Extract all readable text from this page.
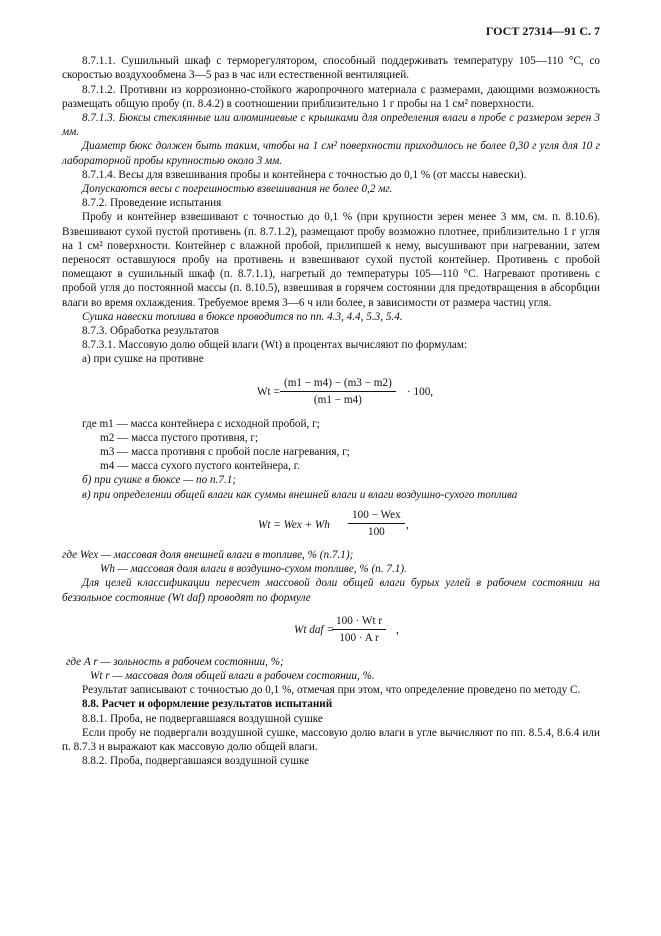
ГОСТ 27314—91 С. 7

8.7.1.1. Сушильный шкаф с терморегулятором, способный поддерживать температуру 105—110 °С, со скоростью воздухообмена 3—5 раз в час или естественной вентиляцией.

8.7.1.2. Противни из коррозионно-стойкого жаропрочного материала с размерами, дающими возможность размещать общую пробу (п. 8.4.2) в соотношении приблизительно 1 г пробы на 1 см² поверхности.

8.7.1.3. Бюксы стеклянные или алюминиевые с крышками для определения влаги в пробе с размером зерен 3 мм.

Диаметр бюкс должен быть таким, чтобы на 1 см² поверхности приходилось не более 0,30 г угля для 10 г лабораторной пробы крупностью около 3 мм.

8.7.1.4. Весы для взвешивания пробы и контейнера с точностью до 0,1 % (от массы навески).

Допускаются весы с погрешностью взвешивания не более 0,2 мг.

8.7.2. Проведение испытания

Пробу и контейнер взвешивают с точностью до 0,1 % (при крупности зерен менее 3 мм, см. п. 8.10.6). Взвешивают сухой пустой противень (п. 8.7.1.2), размещают пробу возможно плотнее, приблизительно 1 г угля на 1 см² поверхности. Контейнер с влажной пробой, прилипшей к нему, высушивают при нагревании, затем переносят оставшуюся пробу на противень и взвешивают сухой пустой контейнер. Противень с пробой помещают в сушильный шкаф (п. 8.7.1.1), нагретый до температуры 105—110 °С. Нагревают противень с пробой угля до постоянной массы (п. 8.10.5), взвешивая в горячем состоянии для предотвращения в абсорбции влаги во время охлаждения. Требуемое время 3—6 ч или более, в зависимости от размера частиц угля.

Сушка навески топлива в бюксе проводится по пп. 4.3, 4.4, 5.3, 5.4.

8.7.3. Обработка результатов

8.7.3.1. Массовую долю общей влаги (Wt) в процентах вычисляют по формулам:

а) при сушке на противне

$Wt = \frac{(m1 - m4) - (m3 - m2)}{(m1 - m4)} \cdot 100$,
где m1 — масса контейнера с исходной пробой, г;
m2 — масса пустого противня, г;
m3 — масса противня с пробой после нагревания, г;
m4 — масса сухого пустого контейнера, г.

б) при сушке в бюксе — по п.7.1;

в) при определении общей влаги как суммы внешней влаги и влаги воздушно-сухого топлива

Wt = Wex + Wh
100 − Wex
100
,
где Wex — массовая доля внешней влаги в топливе, % (п.7.1);
Wh — массовая доля влаги в воздушно-сухом топливе, % (п. 7.1).

Для целей классификации пересчет массовой доли общей влаги бурых углей в рабочем состоянии на беззольное состояние (Wt daf) проводят по формуле

Wt daf =
$\frac{\text{100 · Wt r}}{\text{100 · A r}}$ ,
где A r — зольность в рабочем состоянии, %;
Wt r — массовая доля общей влаги в рабочем состоянии, %.

Результат записывают с точностью до 0,1 %, отмечая при этом, что определение проведено по методу С.

8.8. Расчет и оформление результатов испытаний

8.8.1. Проба, не подвергавшаяся воздушной сушке

Если пробу не подвергали воздушной сушке, массовую долю влаги в угле вычисляют по пп. 8.5.4, 8.6.4 или п. 8.7.3 и выражают как массовую долю общей влаги.

8.8.2. Проба, подвергавшаяся воздушной сушке
